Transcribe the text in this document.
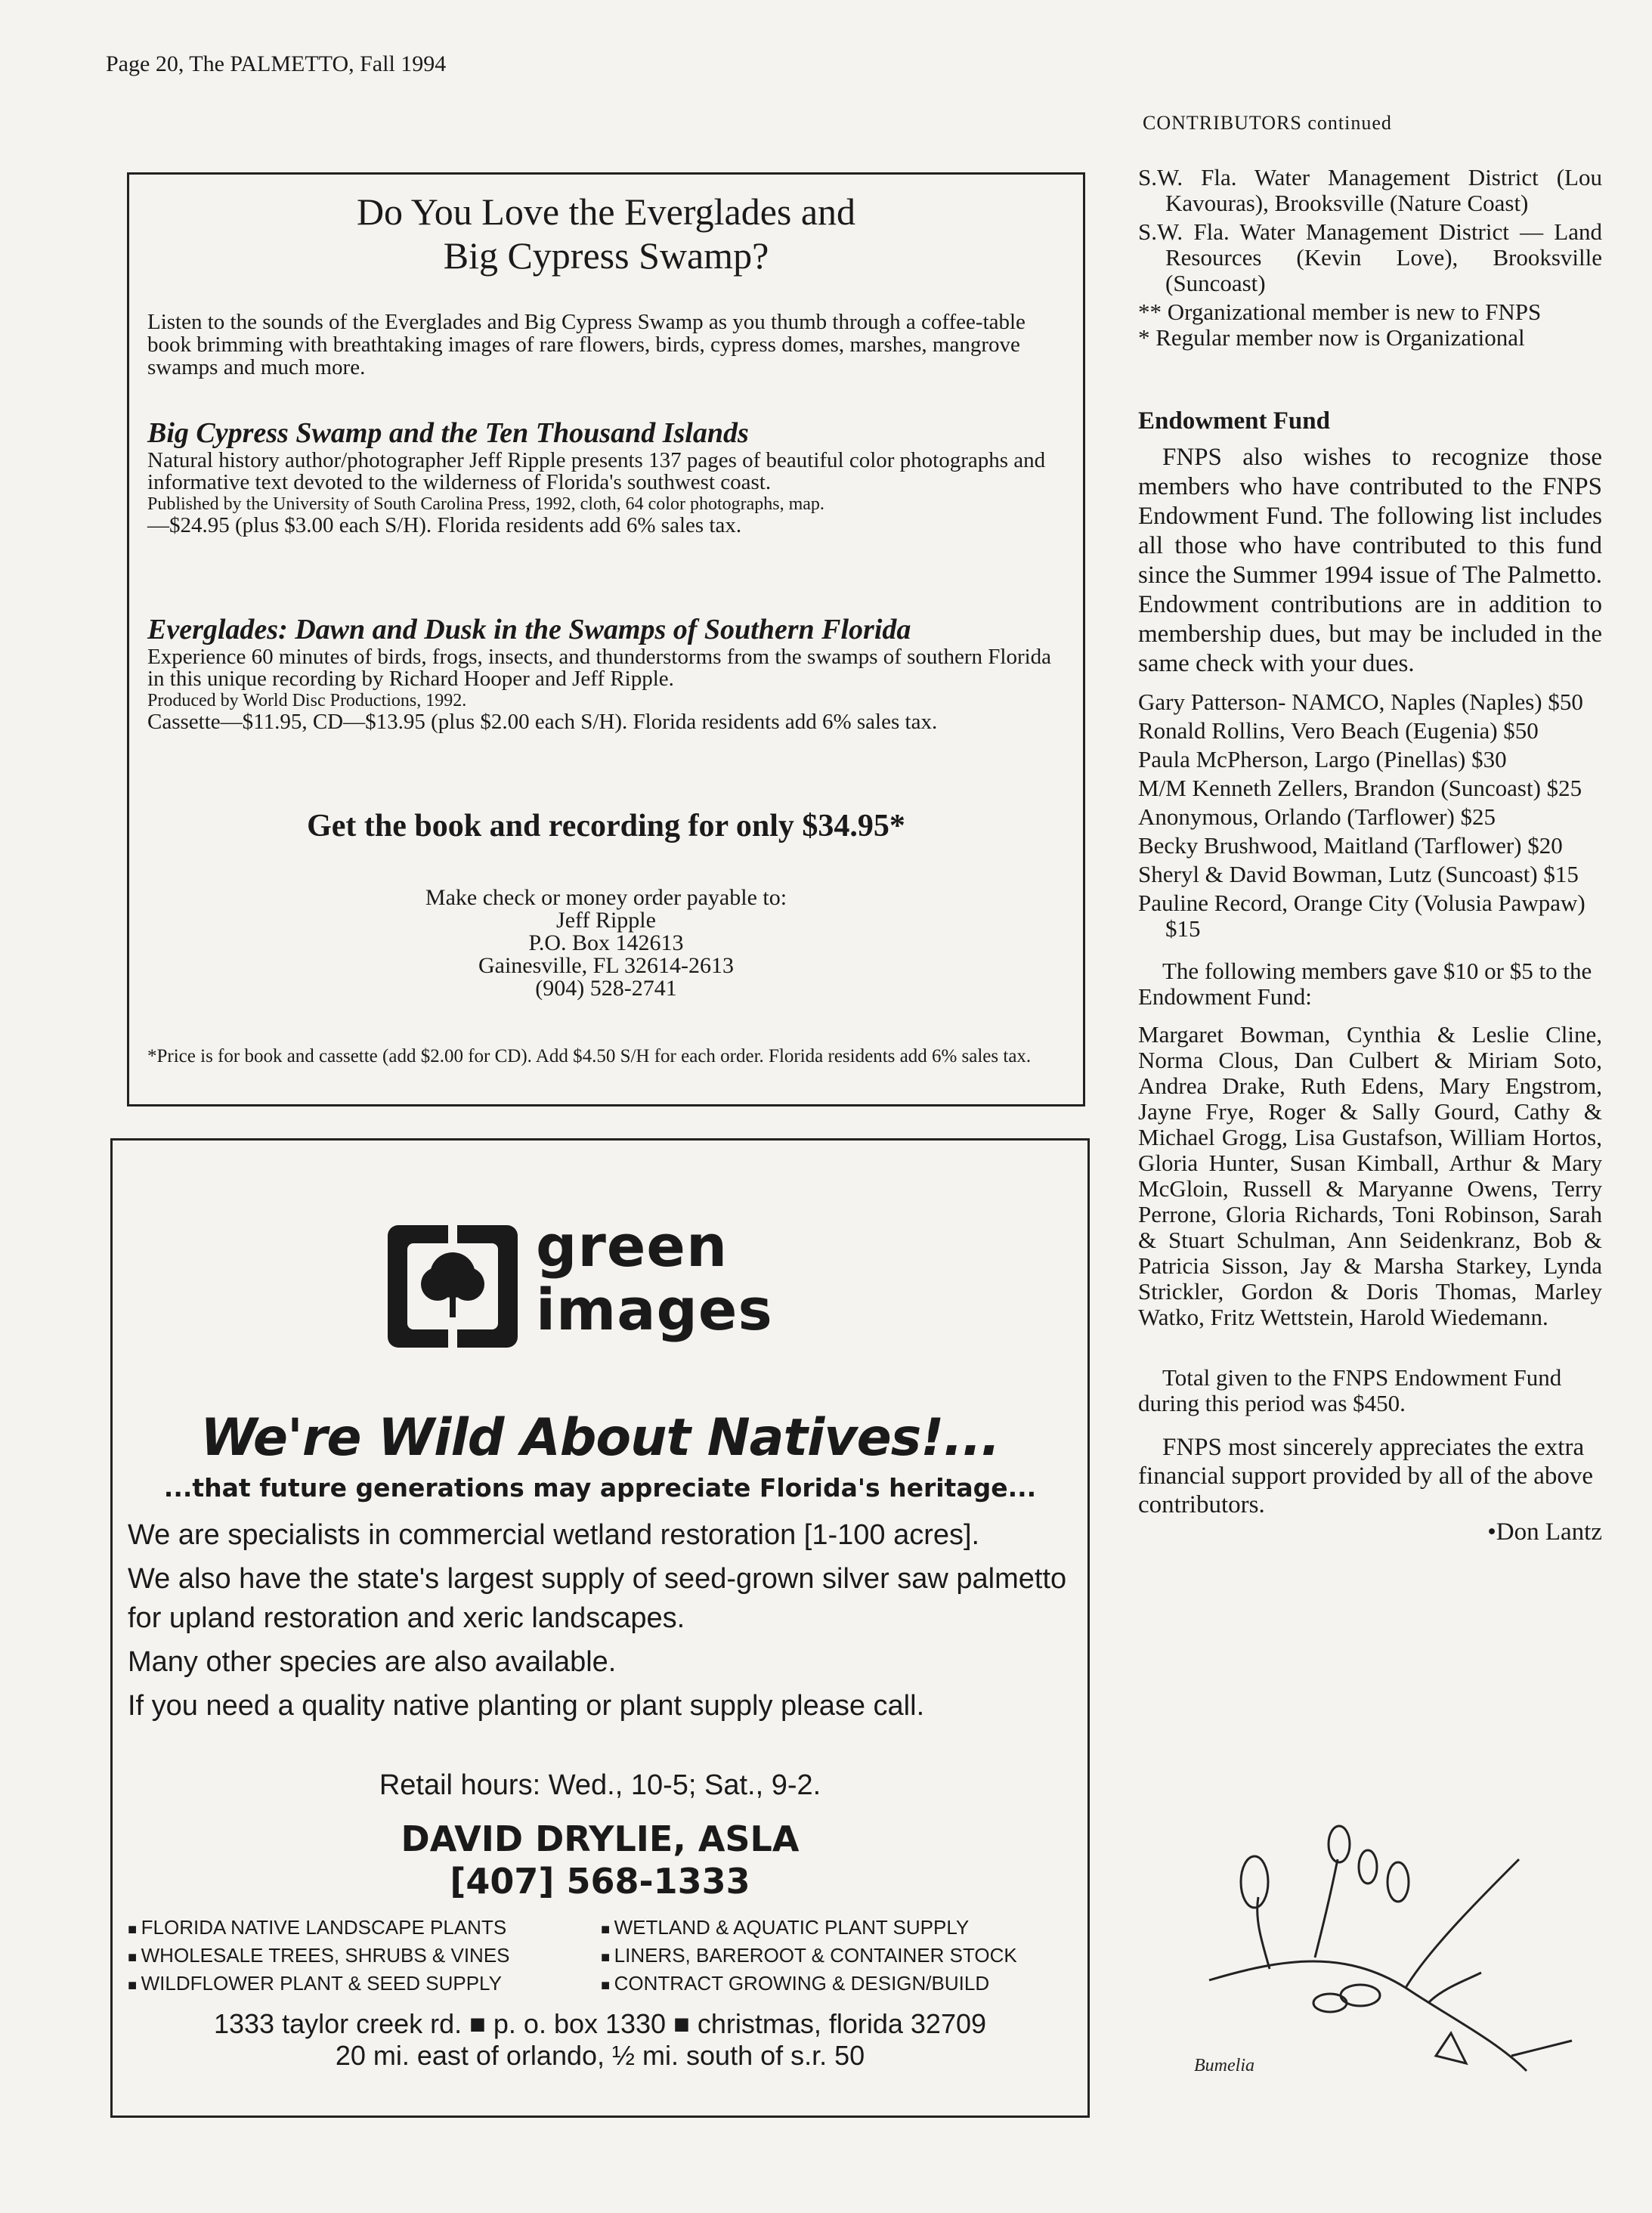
Page 20, The PALMETTO, Fall 1994
CONTRIBUTORS continued
Do You Love the Everglades and
Big Cypress Swamp?
Listen to the sounds of the Everglades and Big Cypress Swamp as you thumb through a coffee-table book brimming with breathtaking images of rare flowers, birds, cypress domes, marshes, mangrove swamps and much more.
Big Cypress Swamp and the Ten Thousand Islands
Natural history author/photographer Jeff Ripple presents 137 pages of beautiful color photographs and informative text devoted to the wilderness of Florida's southwest coast.
Published by the University of South Carolina Press, 1992, cloth, 64 color photographs, map.
—$24.95 (plus $3.00 each S/H). Florida residents add 6% sales tax.
Everglades: Dawn and Dusk in the Swamps of Southern Florida
Experience 60 minutes of birds, frogs, insects, and thunderstorms from the swamps of southern Florida in this unique recording by Richard Hooper and Jeff Ripple.
Produced by World Disc Productions, 1992.
Cassette—$11.95, CD—$13.95 (plus $2.00 each S/H). Florida residents add 6% sales tax.
Get the book and recording for only $34.95*
Make check or money order payable to:
Jeff Ripple
P.O. Box 142613
Gainesville, FL 32614-2613
(904) 528-2741
*Price is for book and cassette (add $2.00 for CD). Add $4.50 S/H for each order. Florida residents add 6% sales tax.
green
images
We're Wild About Natives!...
...that future generations may appreciate Florida's heritage...

We are specialists in commercial wetland restoration [1-100 acres].

We also have the state's largest supply of seed-grown silver saw palmetto for upland restoration and xeric landscapes.

Many other species are also available.

If you need a quality native planting or plant supply please call.

Retail hours: Wed., 10-5; Sat., 9-2.
DAVID DRYLIE, ASLA
[407] 568-1333
■ FLORIDA NATIVE LANDSCAPE PLANTS
■ WHOLESALE TREES, SHRUBS & VINES
■ WILDFLOWER PLANT & SEED SUPPLY
■ WETLAND & AQUATIC PLANT SUPPLY
■ LINERS, BAREROOT & CONTAINER STOCK
■ CONTRACT GROWING & DESIGN/BUILD
1333 taylor creek rd. ■ p. o. box 1330 ■ christmas, florida 32709
20 mi. east of orlando, ½ mi. south of s.r. 50

S.W. Fla. Water Management District (Lou Kavouras), Brooksville (Nature Coast)

S.W. Fla. Water Management District — Land Resources (Kevin Love), Brooksville (Suncoast)

** Organizational member is new to FNPS
* Regular member now is Organizational
Endowment Fund
FNPS also wishes to recognize those members who have contributed to the FNPS Endowment Fund. The following list includes all those who have contributed to this fund since the Summer 1994 issue of The Palmetto. Endowment contributions are in addition to membership dues, but may be included in the same check with your dues.

Gary Patterson- NAMCO, Naples (Naples) $50

Ronald Rollins, Vero Beach (Eugenia) $50

Paula McPherson, Largo (Pinellas) $30

M/M Kenneth Zellers, Brandon (Suncoast) $25

Anonymous, Orlando (Tarflower) $25

Becky Brushwood, Maitland (Tarflower) $20

Sheryl & David Bowman, Lutz (Suncoast) $15

Pauline Record, Orange City (Volusia Pawpaw) $15

The following members gave $10 or $5 to the Endowment Fund:
Margaret Bowman, Cynthia & Leslie Cline, Norma Clous, Dan Culbert & Miriam Soto, Andrea Drake, Ruth Edens, Mary Engstrom, Jayne Frye, Roger & Sally Gourd, Cathy & Michael Grogg, Lisa Gustafson, William Hortos, Gloria Hunter, Susan Kimball, Arthur & Mary McGloin, Russell & Maryanne Owens, Terry Perrone, Gloria Richards, Toni Robinson, Sarah & Stuart Schulman, Ann Seidenkranz, Bob & Patricia Sisson, Jay & Marsha Starkey, Lynda Strickler, Gordon & Doris Thomas, Marley Watko, Fritz Wettstein, Harold Wiedemann.
Total given to the FNPS Endowment Fund during this period was $450.
FNPS most sincerely appreciates the extra financial support provided by all of the above contributors.
•Don Lantz
Bumelia
